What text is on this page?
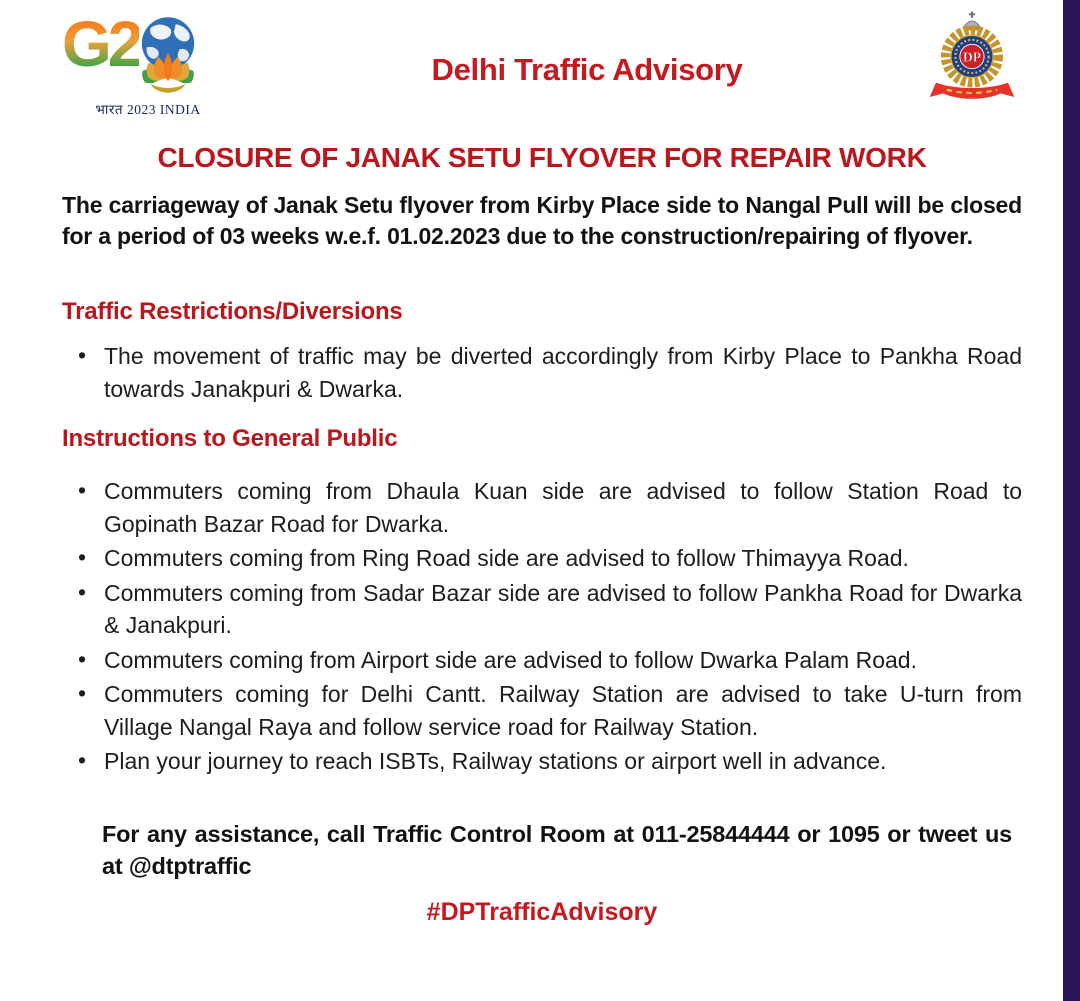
G2
भारत 2023 INDIA
Delhi Traffic Advisory	DP
CLOSURE OF JANAK SETU FLYOVER FOR REPAIR WORK

The carriageway of Janak Setu flyover from Kirby Place side to Nangal Pull will be closed for a period of 03 weeks w.e.f. 01.02.2023 due to the construction/repairing of flyover.

Traffic Restrictions/Diversions
• The movement of traffic may be diverted accordingly from Kirby Place to Pankha Road towards Janakpuri & Dwarka.
Instructions to General Public
• Commuters coming from Dhaula Kuan side are advised to follow Station Road to Gopinath Bazar Road for Dwarka.
• Commuters coming from Ring Road side are advised to follow Thimayya Road.
• Commuters coming from Sadar Bazar side are advised to follow Pankha Road for Dwarka & Janakpuri.
• Commuters coming from Airport side are advised to follow Dwarka Palam Road.
• Commuters coming for Delhi Cantt. Railway Station are advised to take U-turn from Village Nangal Raya and follow service road for Railway Station.
• Plan your journey to reach ISBTs, Railway stations or airport well in advance.

For any assistance, call Traffic Control Room at 011-25844444 or 1095 or tweet us at @dtptraffic

#DPTrafficAdvisory
